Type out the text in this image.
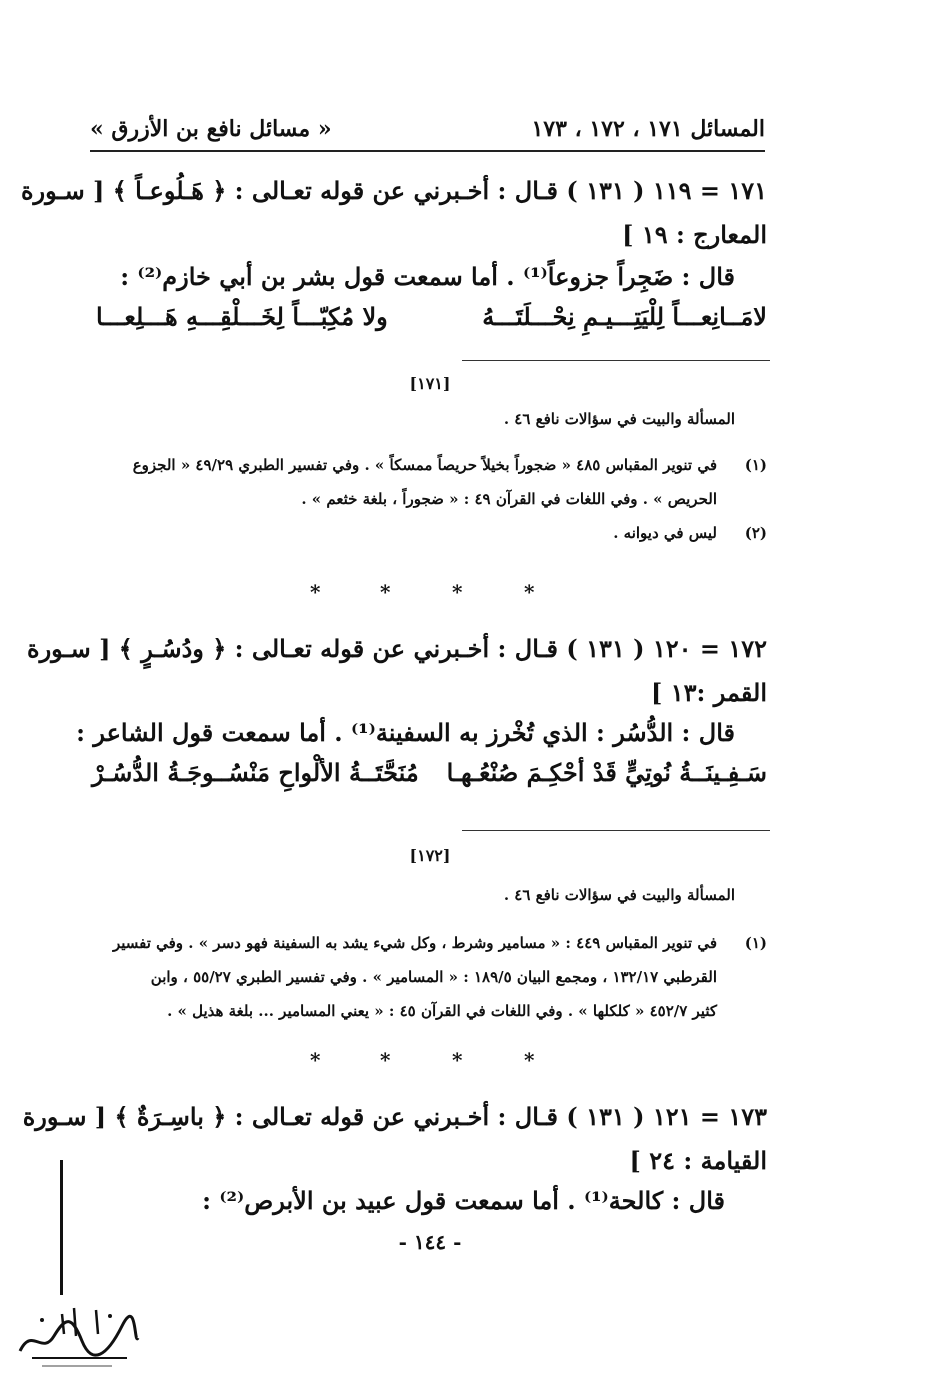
المسائل ١٧١ ، ١٧٢ ، ١٧٣
« مسائل نافع بن الأزرق »
١٧١ = ١١٩ ( ١٣١ ) قـال : أخـبرني عن قوله تعـالى : ﴿ هَـلُوعـاً ﴾ [ سـورة
المعارج : ١٩ ]
قال : ضَجِراً جزوعاً⁽¹⁾ . أما سمعت قول بشر بن أبي خازم⁽²⁾ :
لامَــانِعـــاً لِلْيَتِـــيـمِ نِحْـــلَتَـــهُ
ولا مُكِبّـــاً لِخَـــلْقِـــهِ هَـــلِعـــا
[١٧١]
المسألة والبيت في سؤالات نافع ٤٦ .
(١)
في تنوير المقباس ٤٨٥ « ضجوراً بخيلاً حريصاً ممسكاً » . وفي تفسير الطبري ٤٩/٢٩ « الجزوع
الحريص » . وفي اللغات في القرآن ٤٩ : « ضجوراً ، بلغة خثعم » .
(٢)
ليس في ديوانه .
*	*	*	*
١٧٢ = ١٢٠ ( ١٣١ ) قـال : أخـبرني عن قوله تعـالى : ﴿ ودُسُـرٍ ﴾ [ سـورة
القمر :١٣ ]
قال : الدُّسُر : الذي تُخْرز به السفينة⁽¹⁾ . أما سمعت قول الشاعر :
سَـفِـينَــةُ نُوتِيٍّ قَدْ أحْكِـمَ صُنْعُـهـا
مُنَحَّتَــةُ الألْواحِ مَنْسُــوجَـةُ الدُّسُـرْ
[١٧٢]
المسألة والبيت في سؤالات نافع ٤٦ .
(١)
في تنوير المقباس ٤٤٩ : « مسامير وشرط ، وكل شيء يشد به السفينة فهو دسر » . وفي تفسير
القرطبي ١٣٢/١٧ ، ومجمع البيان ١٨٩/٥ : « المسامير » . وفي تفسير الطبري ٥٥/٢٧ ، وابن
كثير ٤٥٢/٧ « كلكلها » . وفي اللغات في القرآن ٤٥ : « يعني المسامير ... بلغة هذيل » .
*	*	*	*
١٧٣ = ١٢١ ( ١٣١ ) قـال : أخـبرني عن قوله تعـالى : ﴿ باسِـرَةٌ ﴾ [ سـورة
القيامة : ٢٤ ]
قال : كالحة⁽¹⁾ . أما سمعت قول عبيد بن الأبرص⁽²⁾ :
- ١٤٤ -
